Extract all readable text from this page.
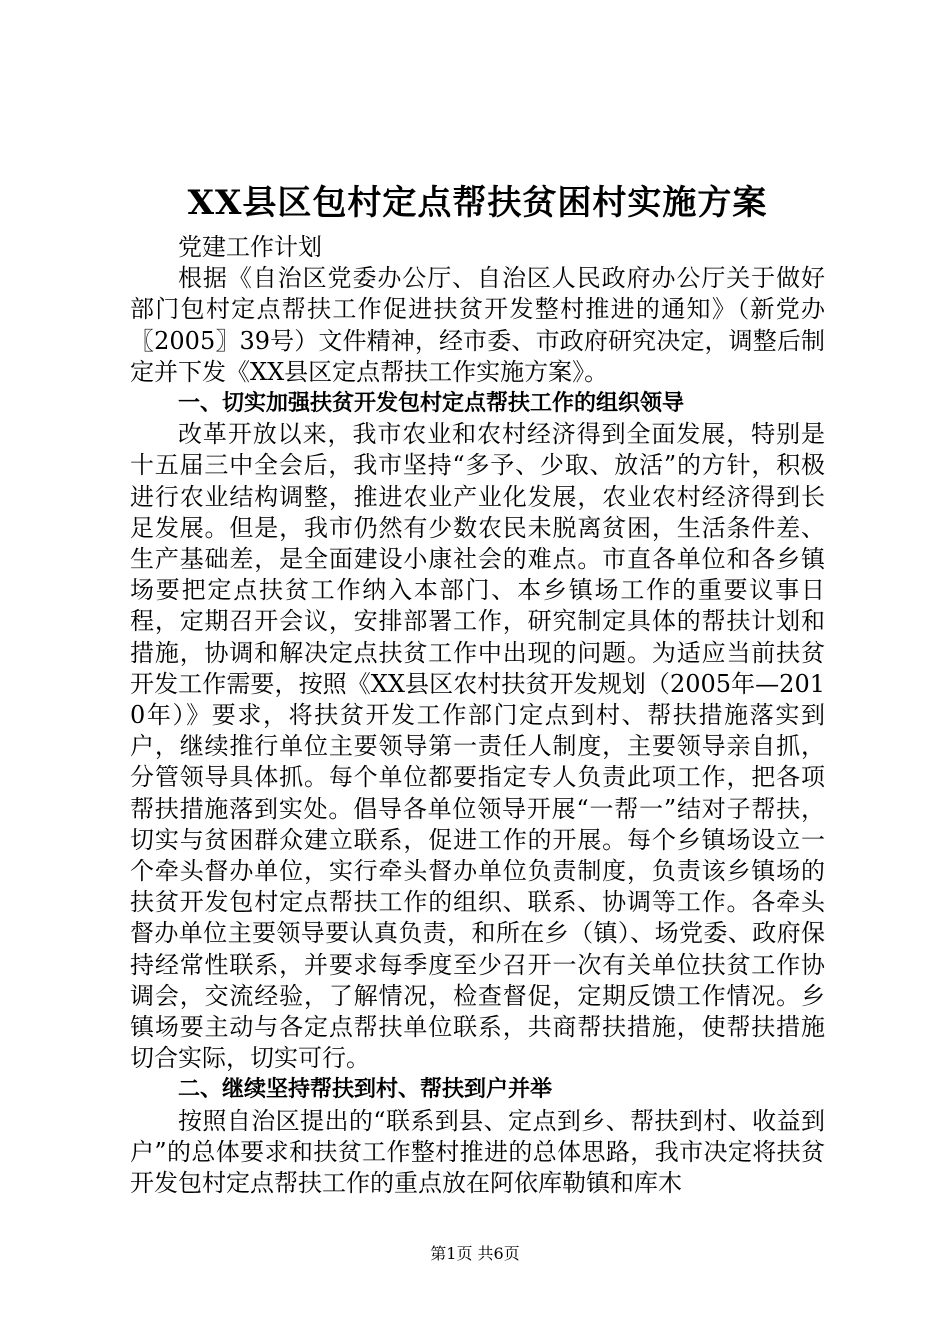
XX县区包村定点帮扶贫困村实施方案

党建工作计划

根据《自治区党委办公厅、自治区人民政府办公厅关于做好部门包村定点帮扶工作促进扶贫开发整村推进的通知》（新党办〖2005〗39号）文件精神，经市委、市政府研究决定，调整后制定并下发《XX县区定点帮扶工作实施方案》。

一、切实加强扶贫开发包村定点帮扶工作的组织领导

改革开放以来，我市农业和农村经济得到全面发展，特别是十五届三中全会后，我市坚持“多予、少取、放活”的方针，积极进行农业结构调整，推进农业产业化发展，农业农村经济得到长足发展。但是，我市仍然有少数农民未脱离贫困，生活条件差、生产基础差，是全面建设小康社会的难点。市直各单位和各乡镇场要把定点扶贫工作纳入本部门、本乡镇场工作的重要议事日程，定期召开会议，安排部署工作，研究制定具体的帮扶计划和措施，协调和解决定点扶贫工作中出现的问题。为适应当前扶贫开发工作需要，按照《XX县区农村扶贫开发规划（2005年—2010年）》要求，将扶贫开发工作部门定点到村、帮扶措施落实到户，继续推行单位主要领导第一责任人制度，主要领导亲自抓，分管领导具体抓。每个单位都要指定专人负责此项工作，把各项帮扶措施落到实处。倡导各单位领导开展“一帮一”结对子帮扶，切实与贫困群众建立联系，促进工作的开展。每个乡镇场设立一个牵头督办单位，实行牵头督办单位负责制度，负责该乡镇场的扶贫开发包村定点帮扶工作的组织、联系、协调等工作。各牵头督办单位主要领导要认真负责，和所在乡（镇）、场党委、政府保持经常性联系，并要求每季度至少召开一次有关单位扶贫工作协调会，交流经验，了解情况，检查督促，定期反馈工作情况。乡镇场要主动与各定点帮扶单位联系，共商帮扶措施，使帮扶措施切合实际，切实可行。

二、继续坚持帮扶到村、帮扶到户并举

按照自治区提出的“联系到县、定点到乡、帮扶到村、收益到户”的总体要求和扶贫工作整村推进的总体思路，我市决定将扶贫开发包村定点帮扶工作的重点放在阿依库勒镇和库木

第1页 共6页
